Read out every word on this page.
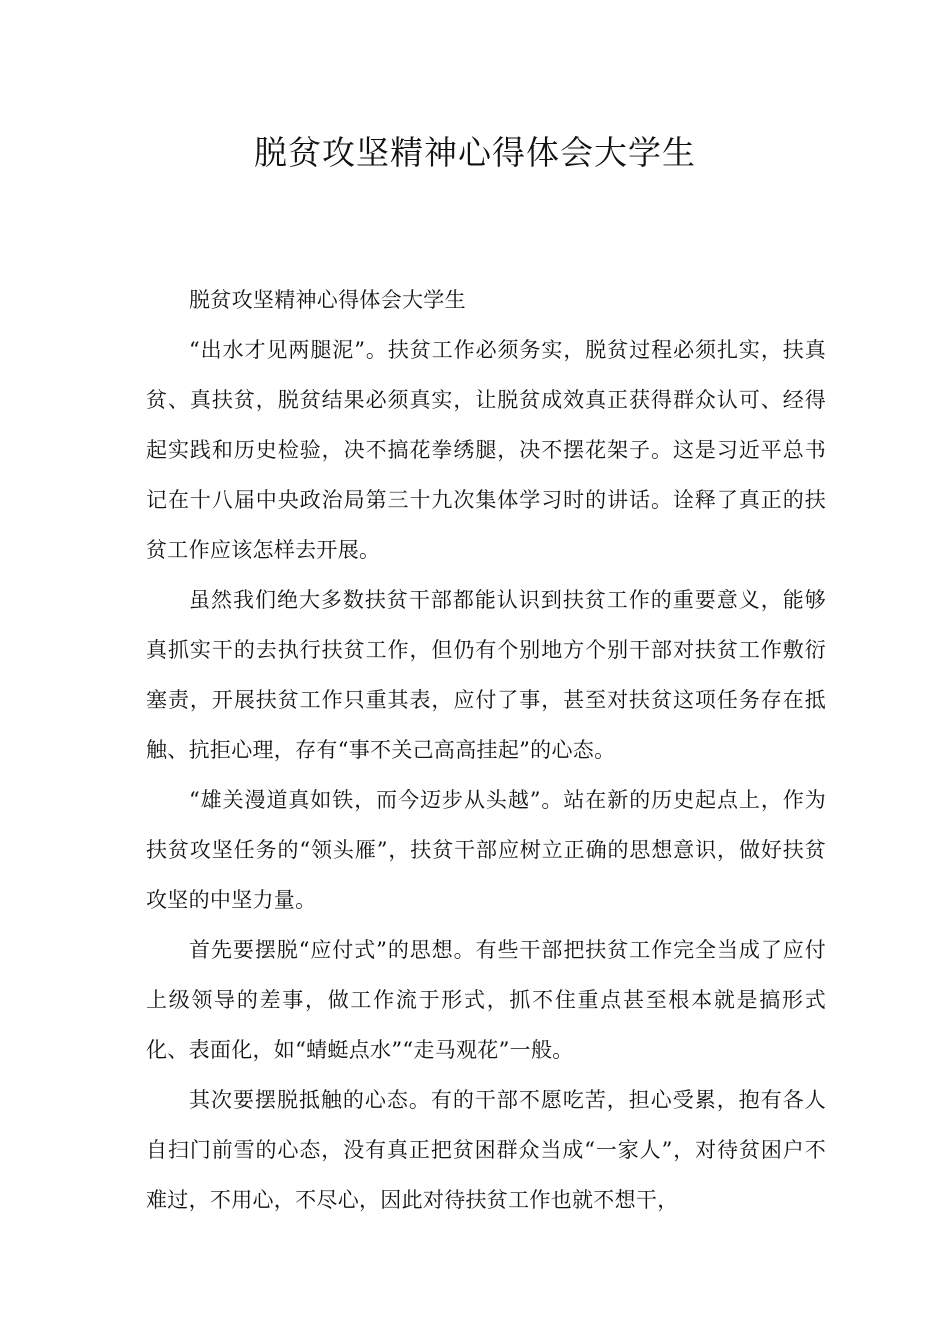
脱贫攻坚精神心得体会大学生

脱贫攻坚精神心得体会大学生

“出水才见两腿泥”。扶贫工作必须务实，脱贫过程必须扎实，扶真贫、真扶贫，脱贫结果必须真实，让脱贫成效真正获得群众认可、经得起实践和历史检验，决不搞花拳绣腿，决不摆花架子。这是习近平总书记在十八届中央政治局第三十九次集体学习时的讲话。诠释了真正的扶贫工作应该怎样去开展。

虽然我们绝大多数扶贫干部都能认识到扶贫工作的重要意义，能够真抓实干的去执行扶贫工作，但仍有个别地方个别干部对扶贫工作敷衍塞责，开展扶贫工作只重其表，应付了事，甚至对扶贫这项任务存在抵触、抗拒心理，存有“事不关己高高挂起”的心态。

“雄关漫道真如铁，而今迈步从头越”。站在新的历史起点上，作为扶贫攻坚任务的“领头雁”，扶贫干部应树立正确的思想意识，做好扶贫攻坚的中坚力量。

首先要摆脱“应付式”的思想。有些干部把扶贫工作完全当成了应付上级领导的差事，做工作流于形式，抓不住重点甚至根本就是搞形式化、表面化，如“蜻蜓点水”“走马观花”一般。

其次要摆脱抵触的心态。有的干部不愿吃苦，担心受累，抱有各人自扫门前雪的心态，没有真正把贫困群众当成“一家人”，对待贫困户不难过，不用心，不尽心，因此对待扶贫工作也就不想干，
